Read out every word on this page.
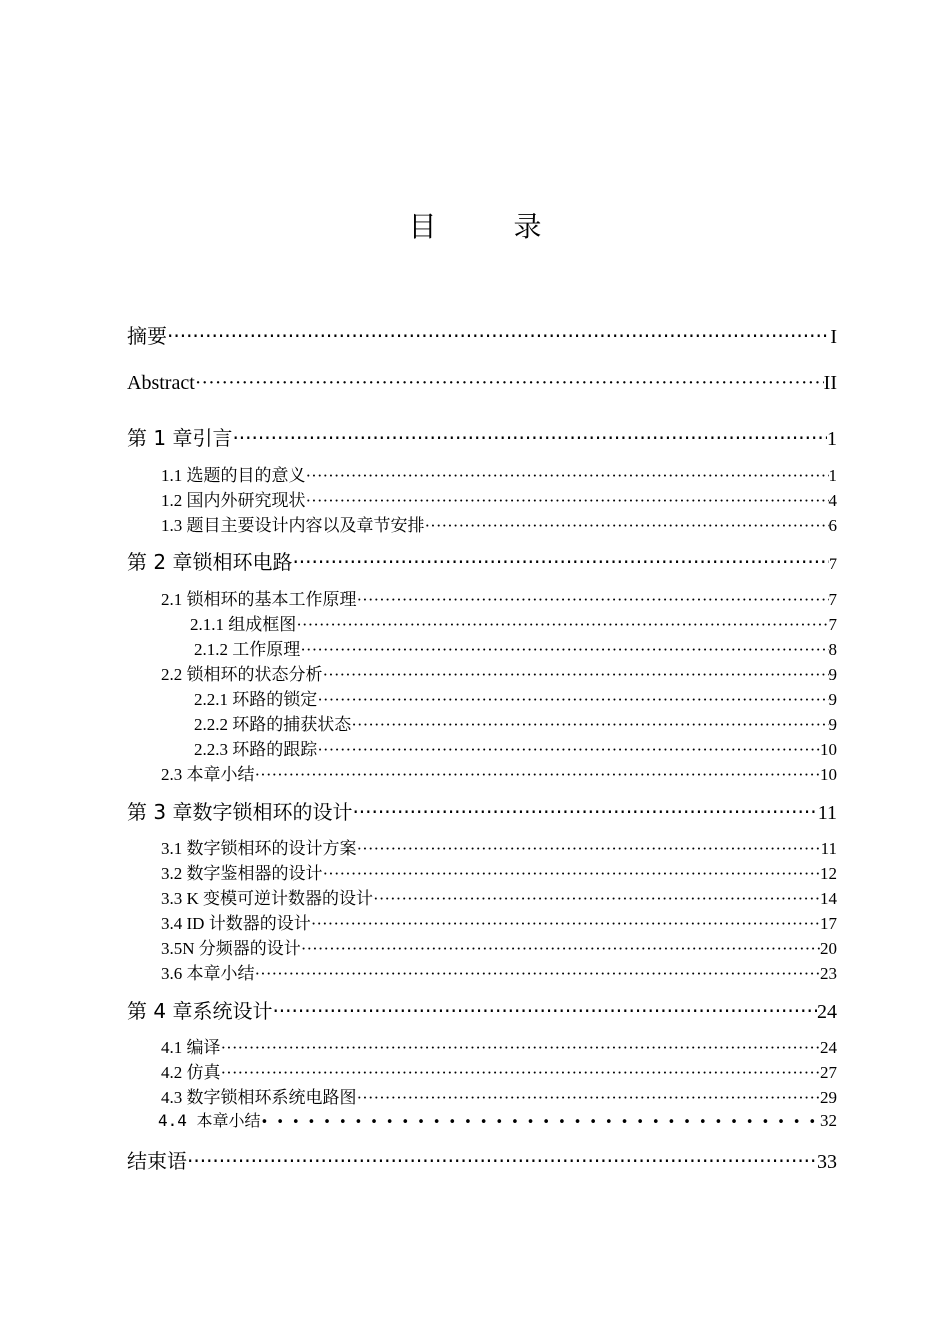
目	录
摘要 ·····	I
Abstract ·····	II
第 1 章引言 ·····	1
1.1 选题的目的意义 ·····	1
1.2 国内外研究现状 ·····	4
1.3 题目主要设计内容以及章节安排 ·····	6
第 2 章锁相环电路 ·····	7
2.1 锁相环的基本工作原理 ·····	7
2.1.1 组成框图 ·····	7
2.1.2 工作原理 ·····	8
2.2 锁相环的状态分析 ·····	9
2.2.1 环路的锁定 ·····	9
2.2.2 环路的捕获状态 ·····	9
2.2.3 环路的跟踪 ·····	10
2.3 本章小结 ·····	10
第 3 章数字锁相环的设计 ·····	11
3.1 数字锁相环的设计方案 ·····	11
3.2 数字鉴相器的设计 ·····	12
3.3 K 变模可逆计数器的设计 ·····	14
3.4 ID 计数器的设计 ·····	17
3.5N 分频器的设计 ·····	20
3.6 本章小结 ·····	23
第 4 章系统设计 ·····	24
4.1 编译 ·····	24
4.2 仿真 ·····	27
4.3 数字锁相环系统电路图 ·····	29
4.4 本章小结 • • •	32
结束语 ·····	33
